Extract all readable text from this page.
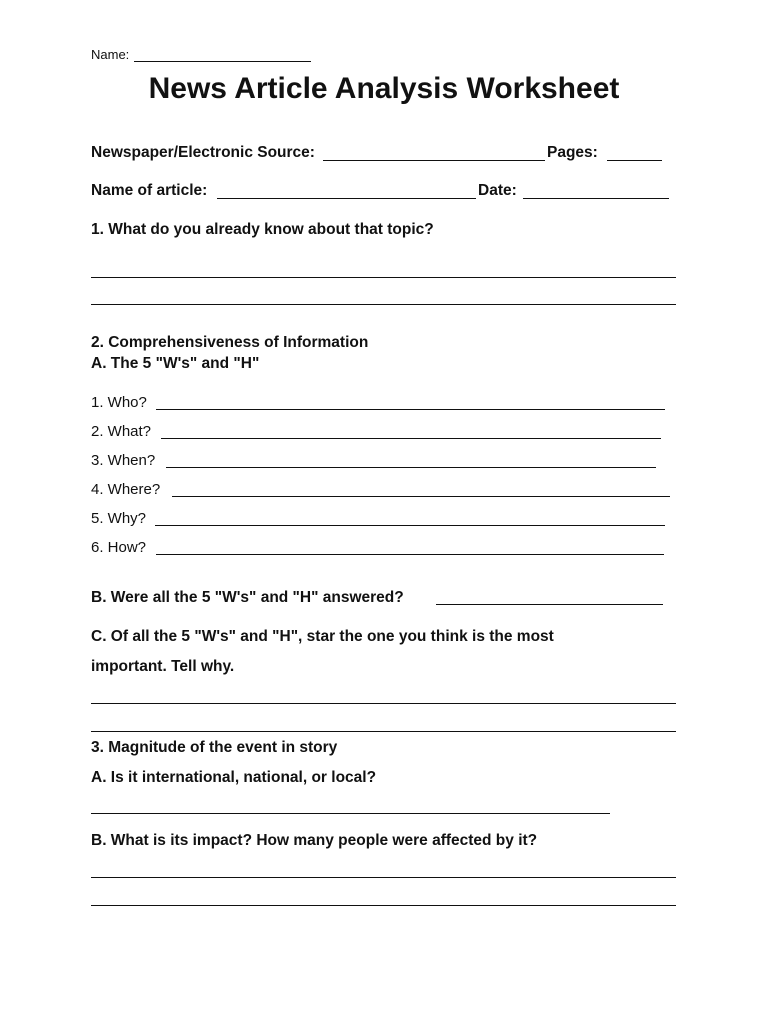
Name:
News Article Analysis Worksheet
Newspaper/Electronic Source:	Pages:
Name of article:	Date:
1. What do you already know about that topic?
2. Comprehensiveness of Information
A. The 5 "W's" and "H"
1. Who?
2. What?
3. When?
4. Where?
5. Why?
6. How?
B. Were all the 5 "W's" and "H" answered?
C. Of all the 5 "W's" and "H", star the one you think is the most
important. Tell why.
3. Magnitude of the event in story
A. Is it international, national, or local?
B. What is its impact? How many people were affected by it?
